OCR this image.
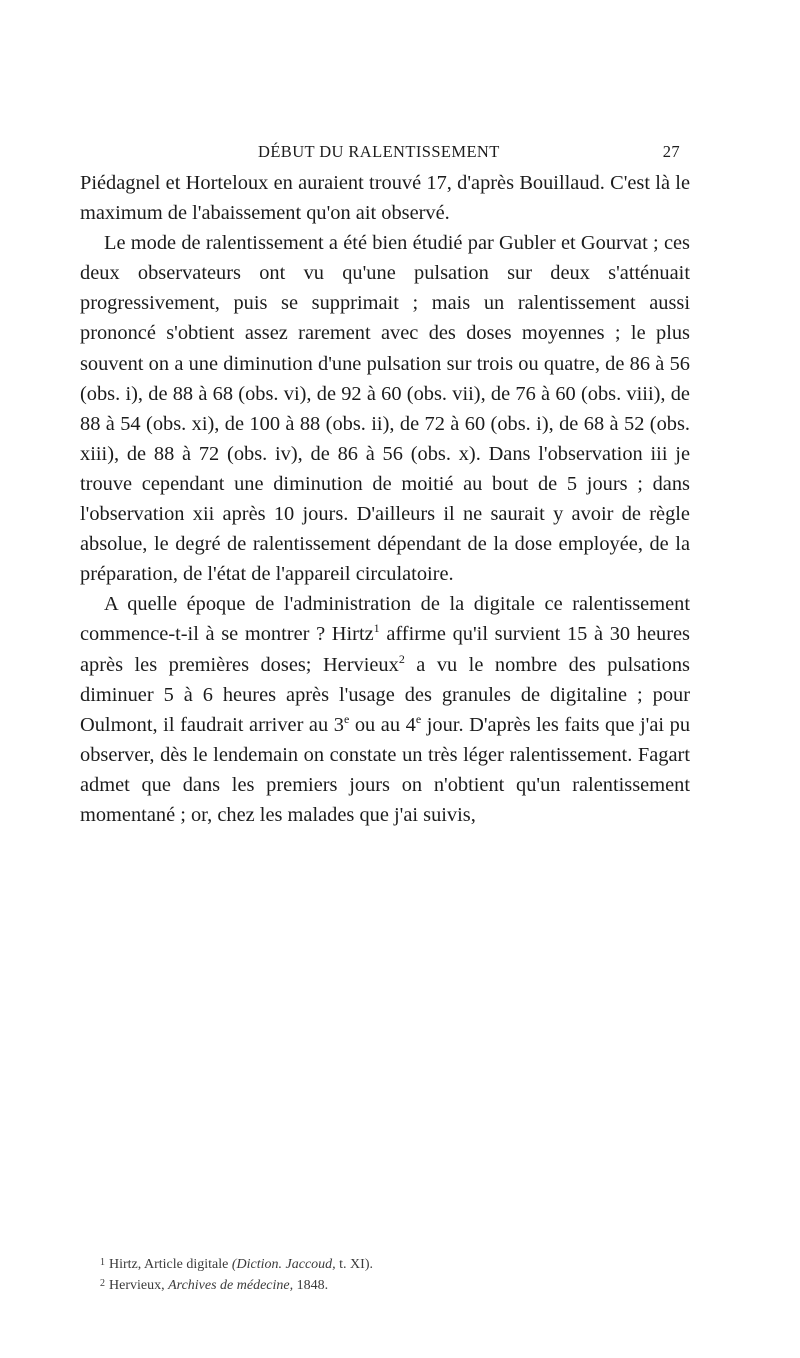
DÉBUT DU RALENTISSEMENT	27

Piédagnel et Horteloux en auraient trouvé 17, d'après Bouillaud. C'est là le maximum de l'abaissement qu'on ait observé.

Le mode de ralentissement a été bien étudié par Gubler et Gourvat ; ces deux observateurs ont vu qu'une pulsation sur deux s'atténuait progressivement, puis se supprimait ; mais un ralentissement aussi prononcé s'obtient assez rarement avec des doses moyennes ; le plus souvent on a une diminution d'une pulsation sur trois ou quatre, de 86 à 56 (obs. i), de 88 à 68 (obs. vi), de 92 à 60 (obs. vii), de 76 à 60 (obs. viii), de 88 à 54 (obs. xi), de 100 à 88 (obs. ii), de 72 à 60 (obs. i), de 68 à 52 (obs. xiii), de 88 à 72 (obs. iv), de 86 à 56 (obs. x). Dans l'observation iii je trouve cependant une diminution de moitié au bout de 5 jours ; dans l'observation xii après 10 jours. D'ailleurs il ne saurait y avoir de règle absolue, le degré de ralentissement dépendant de la dose employée, de la préparation, de l'état de l'appareil circulatoire.

A quelle époque de l'administration de la digitale ce ralentissement commence-t-il à se montrer ? Hirtz$^1$ affirme qu'il survient 15 à 30 heures après les premières doses; Hervieux$^2$ a vu le nombre des pulsations diminuer 5 à 6 heures après l'usage des granules de digitaline ; pour Oulmont, il faudrait arriver au 3e ou au 4e jour. D'après les faits que j'ai pu observer, dès le lendemain on constate un très léger ralentissement. Fagart admet que dans les premiers jours on n'obtient qu'un ralentissement momentané ; or, chez les malades que j'ai suivis,

$^1$ Hirtz, Article digitale (Diction. Jaccoud, t. XI).

$^2$ Hervieux, Archives de médecine, 1848.
